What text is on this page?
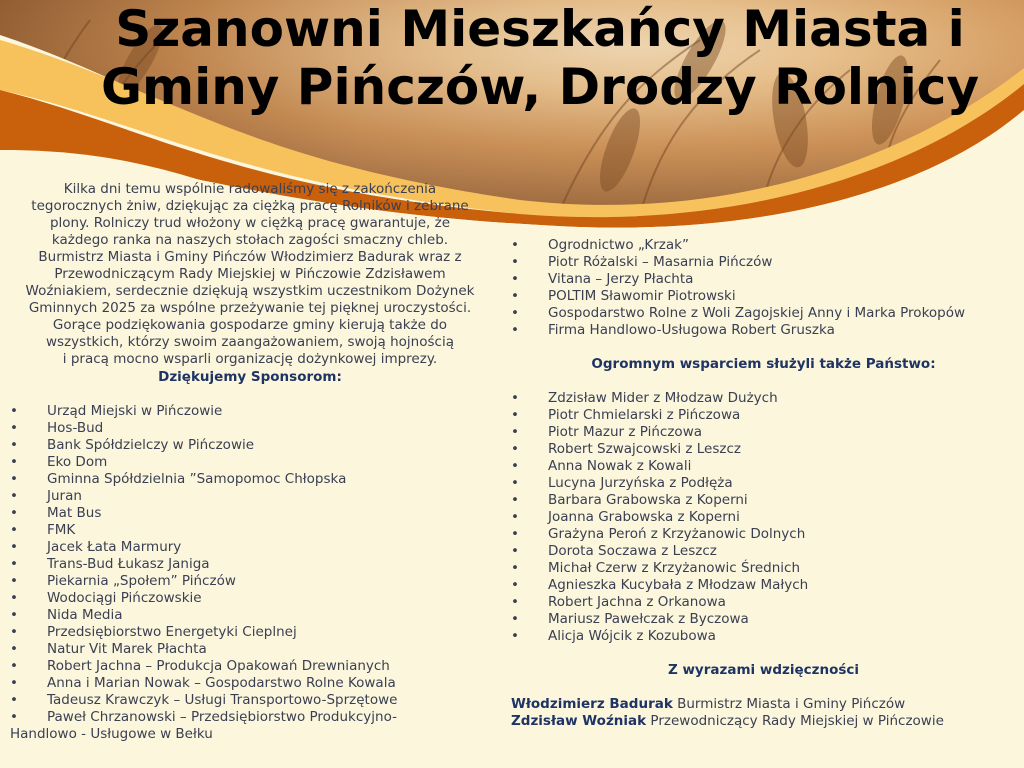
Szanowni Mieszkańcy Miasta i
Gminy Pińczów, Drodzy Rolnicy

Kilka dni temu wspólnie radowaliśmy się z zakończenia

tegorocznych żniw, dziękując za ciężką pracę Rolników i zebrane

plony. Rolniczy trud włożony w ciężką pracę gwarantuje, że

każdego ranka na naszych stołach zagości smaczny chleb.

Burmistrz Miasta i Gminy Pińczów Włodzimierz Badurak wraz z

Przewodniczącym Rady Miejskiej w Pińczowie Zdzisławem

Woźniakiem, serdecznie dziękują wszystkim uczestnikom Dożynek

Gminnych 2025 za wspólne przeżywanie tej pięknej uroczystości.

Gorące podziękowania gospodarze gminy kierują także do

wszystkich, którzy swoim zaangażowaniem, swoją hojnością

i pracą mocno wsparli organizację dożynkowej imprezy.

Dziękujemy Sponsorom:
• Urząd Miejski w Pińczowie
• Hos-Bud
• Bank Spółdzielczy w Pińczowie
• Eko Dom
• Gminna Spółdzielnia ”Samopomoc Chłopska
• Juran
• Mat Bus
• FMK
• Jacek Łata Marmury
• Trans-Bud Łukasz Janiga
• Piekarnia „Społem” Pińczów
• Wodociągi Pińczowskie
• Nida Media
• Przedsiębiorstwo Energetyki Cieplnej
• Natur Vit Marek Płachta
• Robert Jachna – Produkcja Opakowań Drewnianych
• Anna i Marian Nowak – Gospodarstwo Rolne Kowala
• Tadeusz Krawczyk – Usługi Transportowo-Sprzętowe
• Paweł Chrzanowski – Przedsiębiorstwo Produkcyjno-Handlowo - Usługowe w Bełku
• Ogrodnictwo „Krzak”
• Piotr Różalski – Masarnia Pińczów
• Vitana – Jerzy Płachta
• POLTIM Sławomir Piotrowski
• Gospodarstwo Rolne z Woli Zagojskiej Anny i Marka Prokopów
• Firma Handlowo-Usługowa Robert Gruszka
Ogromnym wsparciem służyli także Państwo:
• Zdzisław Mider z Młodzaw Dużych
• Piotr Chmielarski z Pińczowa
• Piotr Mazur z Pińczowa
• Robert Szwajcowski z Leszcz
• Anna Nowak z Kowali
• Lucyna Jurzyńska z Podłęża
• Barbara Grabowska z Koperni
• Joanna Grabowska z Koperni
• Grażyna Peroń z Krzyżanowic Dolnych
• Dorota Soczawa z Leszcz
• Michał Czerw z Krzyżanowic Średnich
• Agnieszka Kucybała z Młodzaw Małych
• Robert Jachna z Orkanowa
• Mariusz Pawełczak z Byczowa
• Alicja Wójcik z Kozubowa
Z wyrazami wdzięczności
Włodzimierz Badurak Burmistrz Miasta i Gminy Pińczów
Zdzisław Woźniak Przewodniczący Rady Miejskiej w Pińczowie
